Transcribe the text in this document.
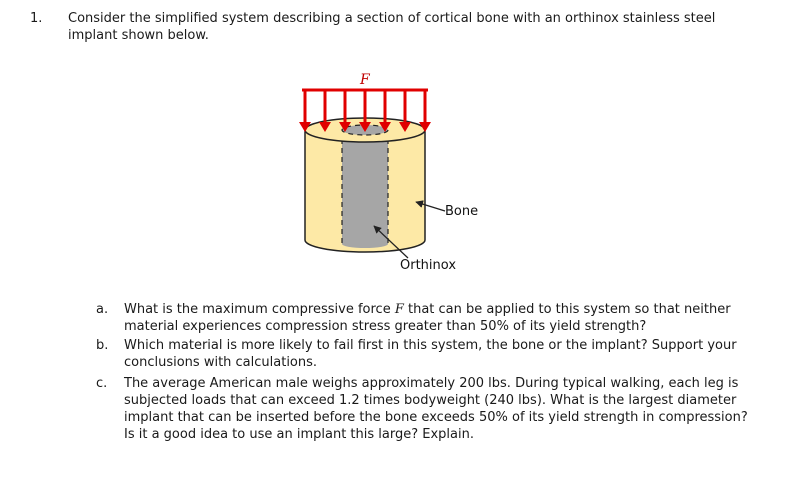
1. Consider the simplified system describing a section of cortical bone with an orthinox stainless steel implant shown below.
F
Bone
Orthinox
a. What is the maximum compressive force F that can be applied to this system so that neither material experiences compression stress greater than 50% of its yield strength?
b. Which material is more likely to fail first in this system, the bone or the implant? Support your conclusions with calculations.
c. The average American male weighs approximately 200 lbs. During typical walking, each leg is subjected loads that can exceed 1.2 times bodyweight (240 lbs). What is the largest diameter implant that can be inserted before the bone exceeds 50% of its yield strength in compression? Is it a good idea to use an implant this large? Explain.
